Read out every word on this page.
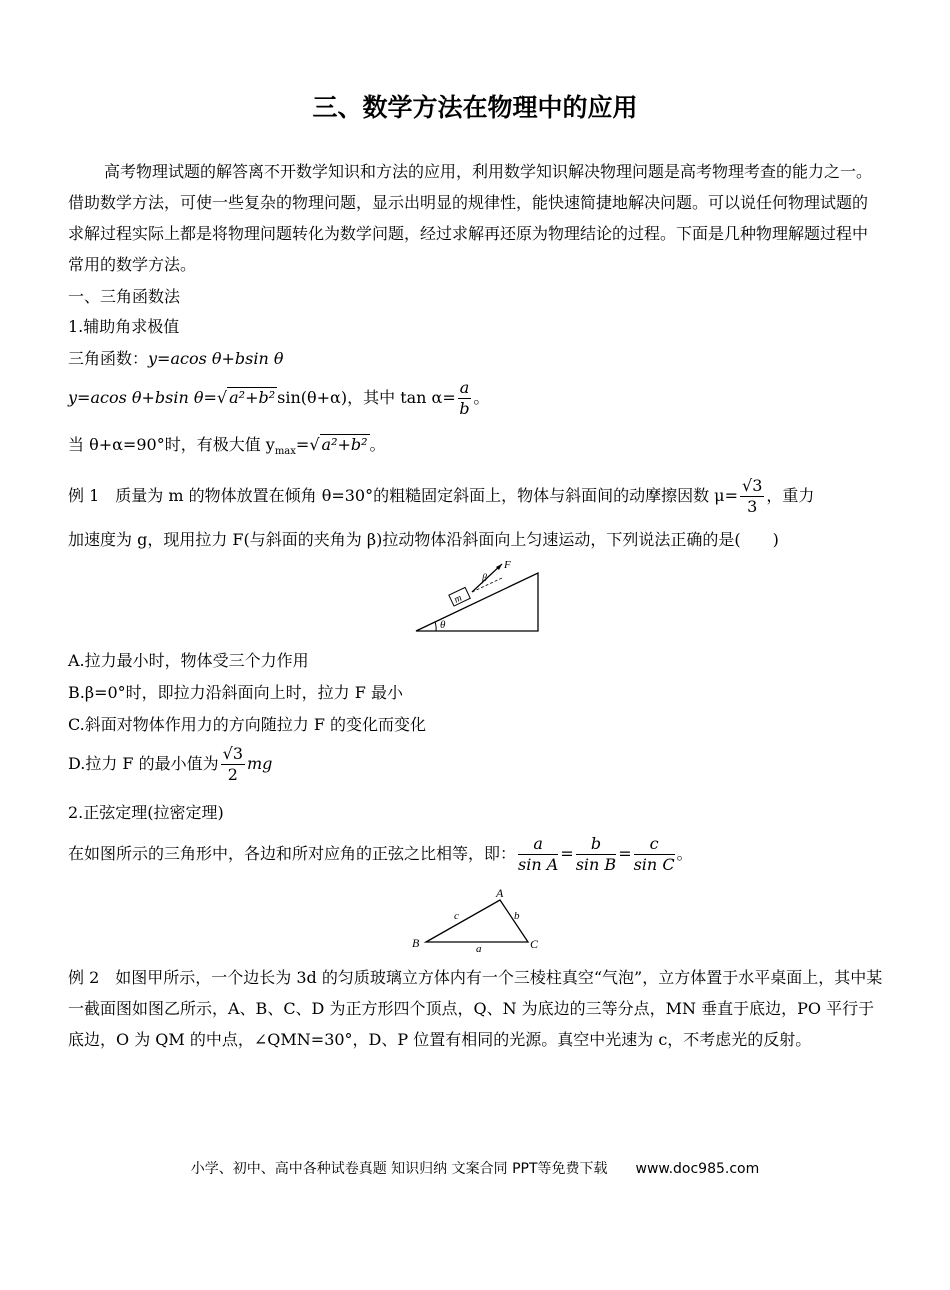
三、数学方法在物理中的应用
高考物理试题的解答离不开数学知识和方法的应用，利用数学知识解决物理问题是高考物理考查的能力之一。借助数学方法，可使一些复杂的物理问题，显示出明显的规律性，能快速简捷地解决问题。可以说任何物理试题的求解过程实际上都是将物理问题转化为数学问题，经过求解再还原为物理结论的过程。下面是几种物理解题过程中常用的数学方法。
一、三角函数法
1.辅助角求极值
三角函数：y=acos θ+bsin θ
y=acos θ+bsin θ=√ a²+b² sin(θ+α)，其中 $\tan \alpha= \frac{a}{b}$ 。
当 θ+α=90°时，有极大值 $y_{max}=√$ a²+b² 。
例 1　质量为 m 的物体放置在倾角 θ=30°的粗糙固定斜面上，物体与斜面间的动摩擦因数 $\mu= \frac{√3}{3}$ ，重力
加速度为 g，现用拉力 F(与斜面的夹角为 β)拉动物体沿斜面向上匀速运动，下列说法正确的是(　　)
θ
m
F
β
A.拉力最小时，物体受三个力作用
B.β=0°时，即拉力沿斜面向上时，拉力 F 最小
C.斜面对物体作用力的方向随拉力 F 的变化而变化
D.拉力 F 的最小值为 $\frac{√3}{2}$ mg
2.正弦定理(拉密定理)
在如图所示的三角形中，各边和所对应角的正弦之比相等，即： $\frac{a}{\text{sin A}} = \frac{b}{\text{sin B}} = \frac{c}{\text{sin C}}$ 。
A
B	C
a
b
c
例 2　如图甲所示，一个边长为 3d 的匀质玻璃立方体内有一个三棱柱真空“气泡”，立方体置于水平桌面上，其中某一截面图如图乙所示，A、B、C、D 为正方形四个顶点，Q、N 为底边的三等分点，MN 垂直于底边，PO 平行于底边，O 为 QM 的中点，∠QMN=30°，D、P 位置有相同的光源。真空中光速为 c，不考虑光的反射。
小学、初中、高中各种试卷真题 知识归纳 文案合同 PPT等免费下载　　www.doc985.com
